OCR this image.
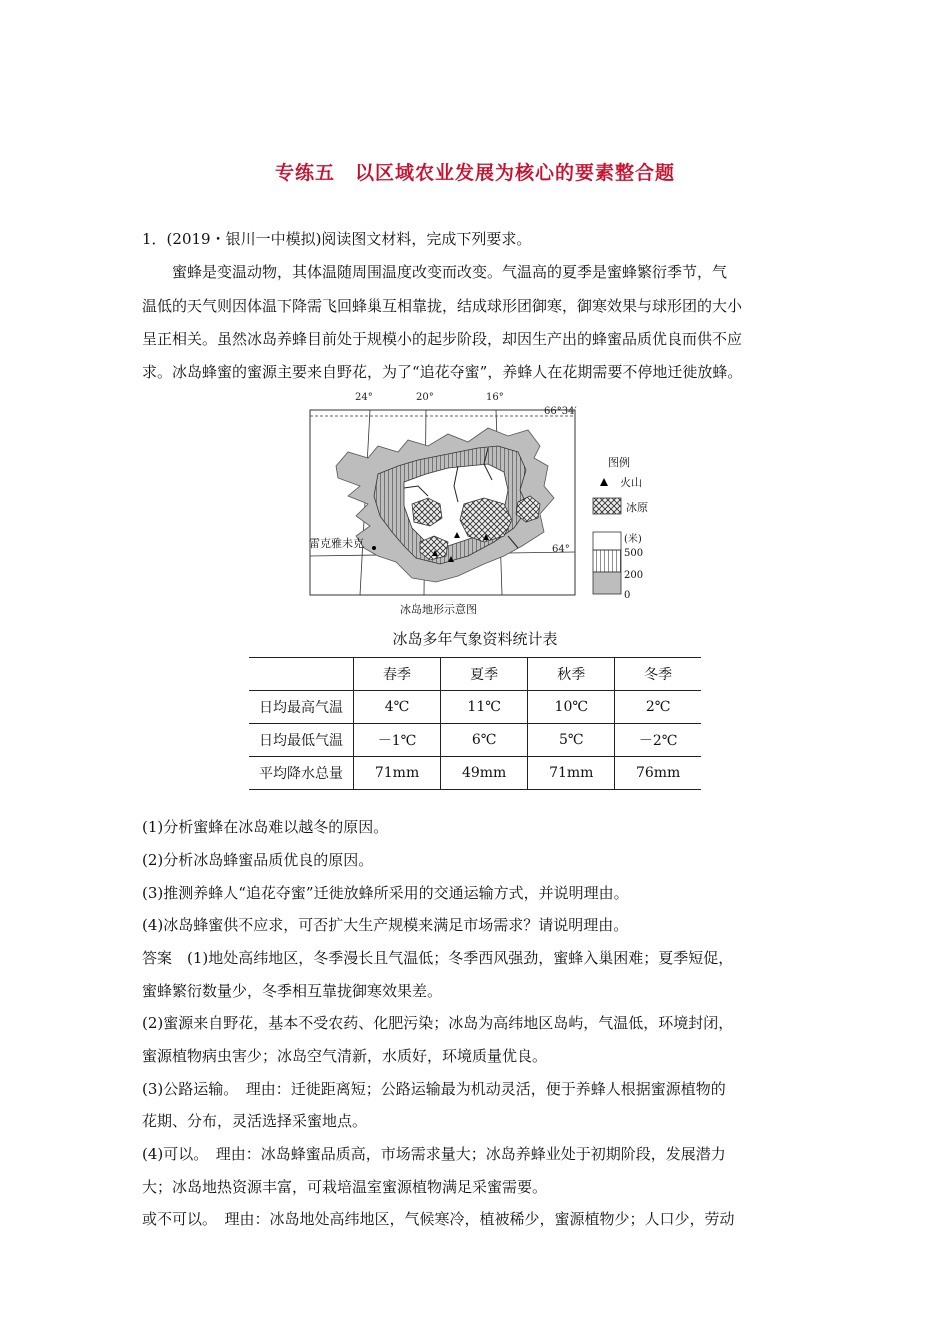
专练五　以区域农业发展为核心的要素整合题
1．(2019・银川一中模拟)阅读图文材料，完成下列要求。
蜜蜂是变温动物，其体温随周围温度改变而改变。气温高的夏季是蜜蜂繁衍季节，气
温低的天气则因体温下降需飞回蜂巢互相靠拢，结成球形团御寒，御寒效果与球形团的大小
呈正相关。虽然冰岛养蜂目前处于规模小的起步阶段，却因生产出的蜂蜜品质优良而供不应
求。冰岛蜂蜜的蜜源主要来自野花，为了“追花夺蜜”，养蜂人在花期需要不停地迁徙放蜂。
24°	20°	16°
66°34′
64°
雷克雅未克
冰岛地形示意图
图例
火山
冰原
(米)
500
200
0
冰岛多年气象资料统计表
	春季	夏季	秋季	冬季
日均最高气温	4℃	11℃	10℃	2℃
日均最低气温	－1℃	6℃	5℃	－2℃
平均降水总量	71mm	49mm	71mm	76mm
(1)分析蜜蜂在冰岛难以越冬的原因。
(2)分析冰岛蜂蜜品质优良的原因。
(3)推测养蜂人“追花夺蜜”迁徙放蜂所采用的交通运输方式，并说明理由。
(4)冰岛蜂蜜供不应求，可否扩大生产规模来满足市场需求？请说明理由。
答案　(1)地处高纬地区，冬季漫长且气温低；冬季西风强劲，蜜蜂入巢困难；夏季短促，
蜜蜂繁衍数量少，冬季相互靠拢御寒效果差。
(2)蜜源来自野花，基本不受农药、化肥污染；冰岛为高纬地区岛屿，气温低，环境封闭，
蜜源植物病虫害少；冰岛空气清新，水质好，环境质量优良。
(3)公路运输。　理由：迁徙距离短；公路运输最为机动灵活，便于养蜂人根据蜜源植物的
花期、分布，灵活选择采蜜地点。
(4)可以。　理由：冰岛蜂蜜品质高，市场需求量大；冰岛养蜂业处于初期阶段，发展潜力
大；冰岛地热资源丰富，可栽培温室蜜源植物满足采蜜需要。
或不可以。　理由：冰岛地处高纬地区，气候寒冷，植被稀少，蜜源植物少；人口少，劳动
